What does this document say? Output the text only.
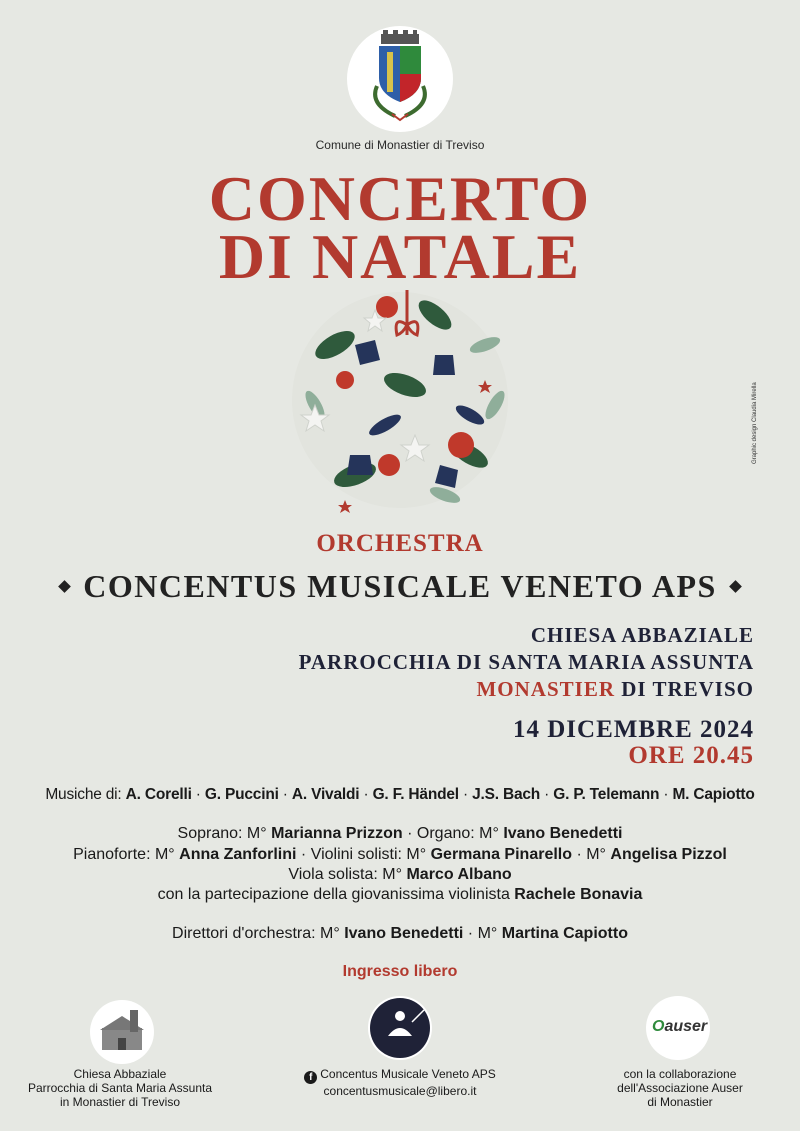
Comune di Monastier di Treviso
CONCERTO
DI NATALE
ORCHESTRA
CONCENTUS MUSICALE VENETO APS
CHIESA ABBAZIALE
PARROCCHIA DI SANTA MARIA ASSUNTA
MONASTIER DI TREVISO
14 DICEMBRE 2024
ORE 20.45
Musiche di: A. Corelli · G. Puccini · A. Vivaldi · G. F. Händel · J.S. Bach · G. P. Telemann · M. Capiotto
Soprano: M° Marianna Prizzon · Organo: M° Ivano Benedetti
Pianoforte: M° Anna Zanforlini · Violini solisti: M° Germana Pinarello · M° Angelisa Pizzol
Viola solista: M° Marco Albano
con la partecipazione della giovanissima violinista Rachele Bonavia
Direttori d'orchestra: M° Ivano Benedetti · M° Martina Capiotto
Ingresso libero
Graphic design Claudia Mirella
Oauser
Chiesa Abbaziale
Parrocchia di Santa Maria Assunta
in Monastier di Treviso
f Concentus Musicale Veneto APS
concentusmusicale@libero.it
con la collaborazione
dell'Associazione Auser
di Monastier
